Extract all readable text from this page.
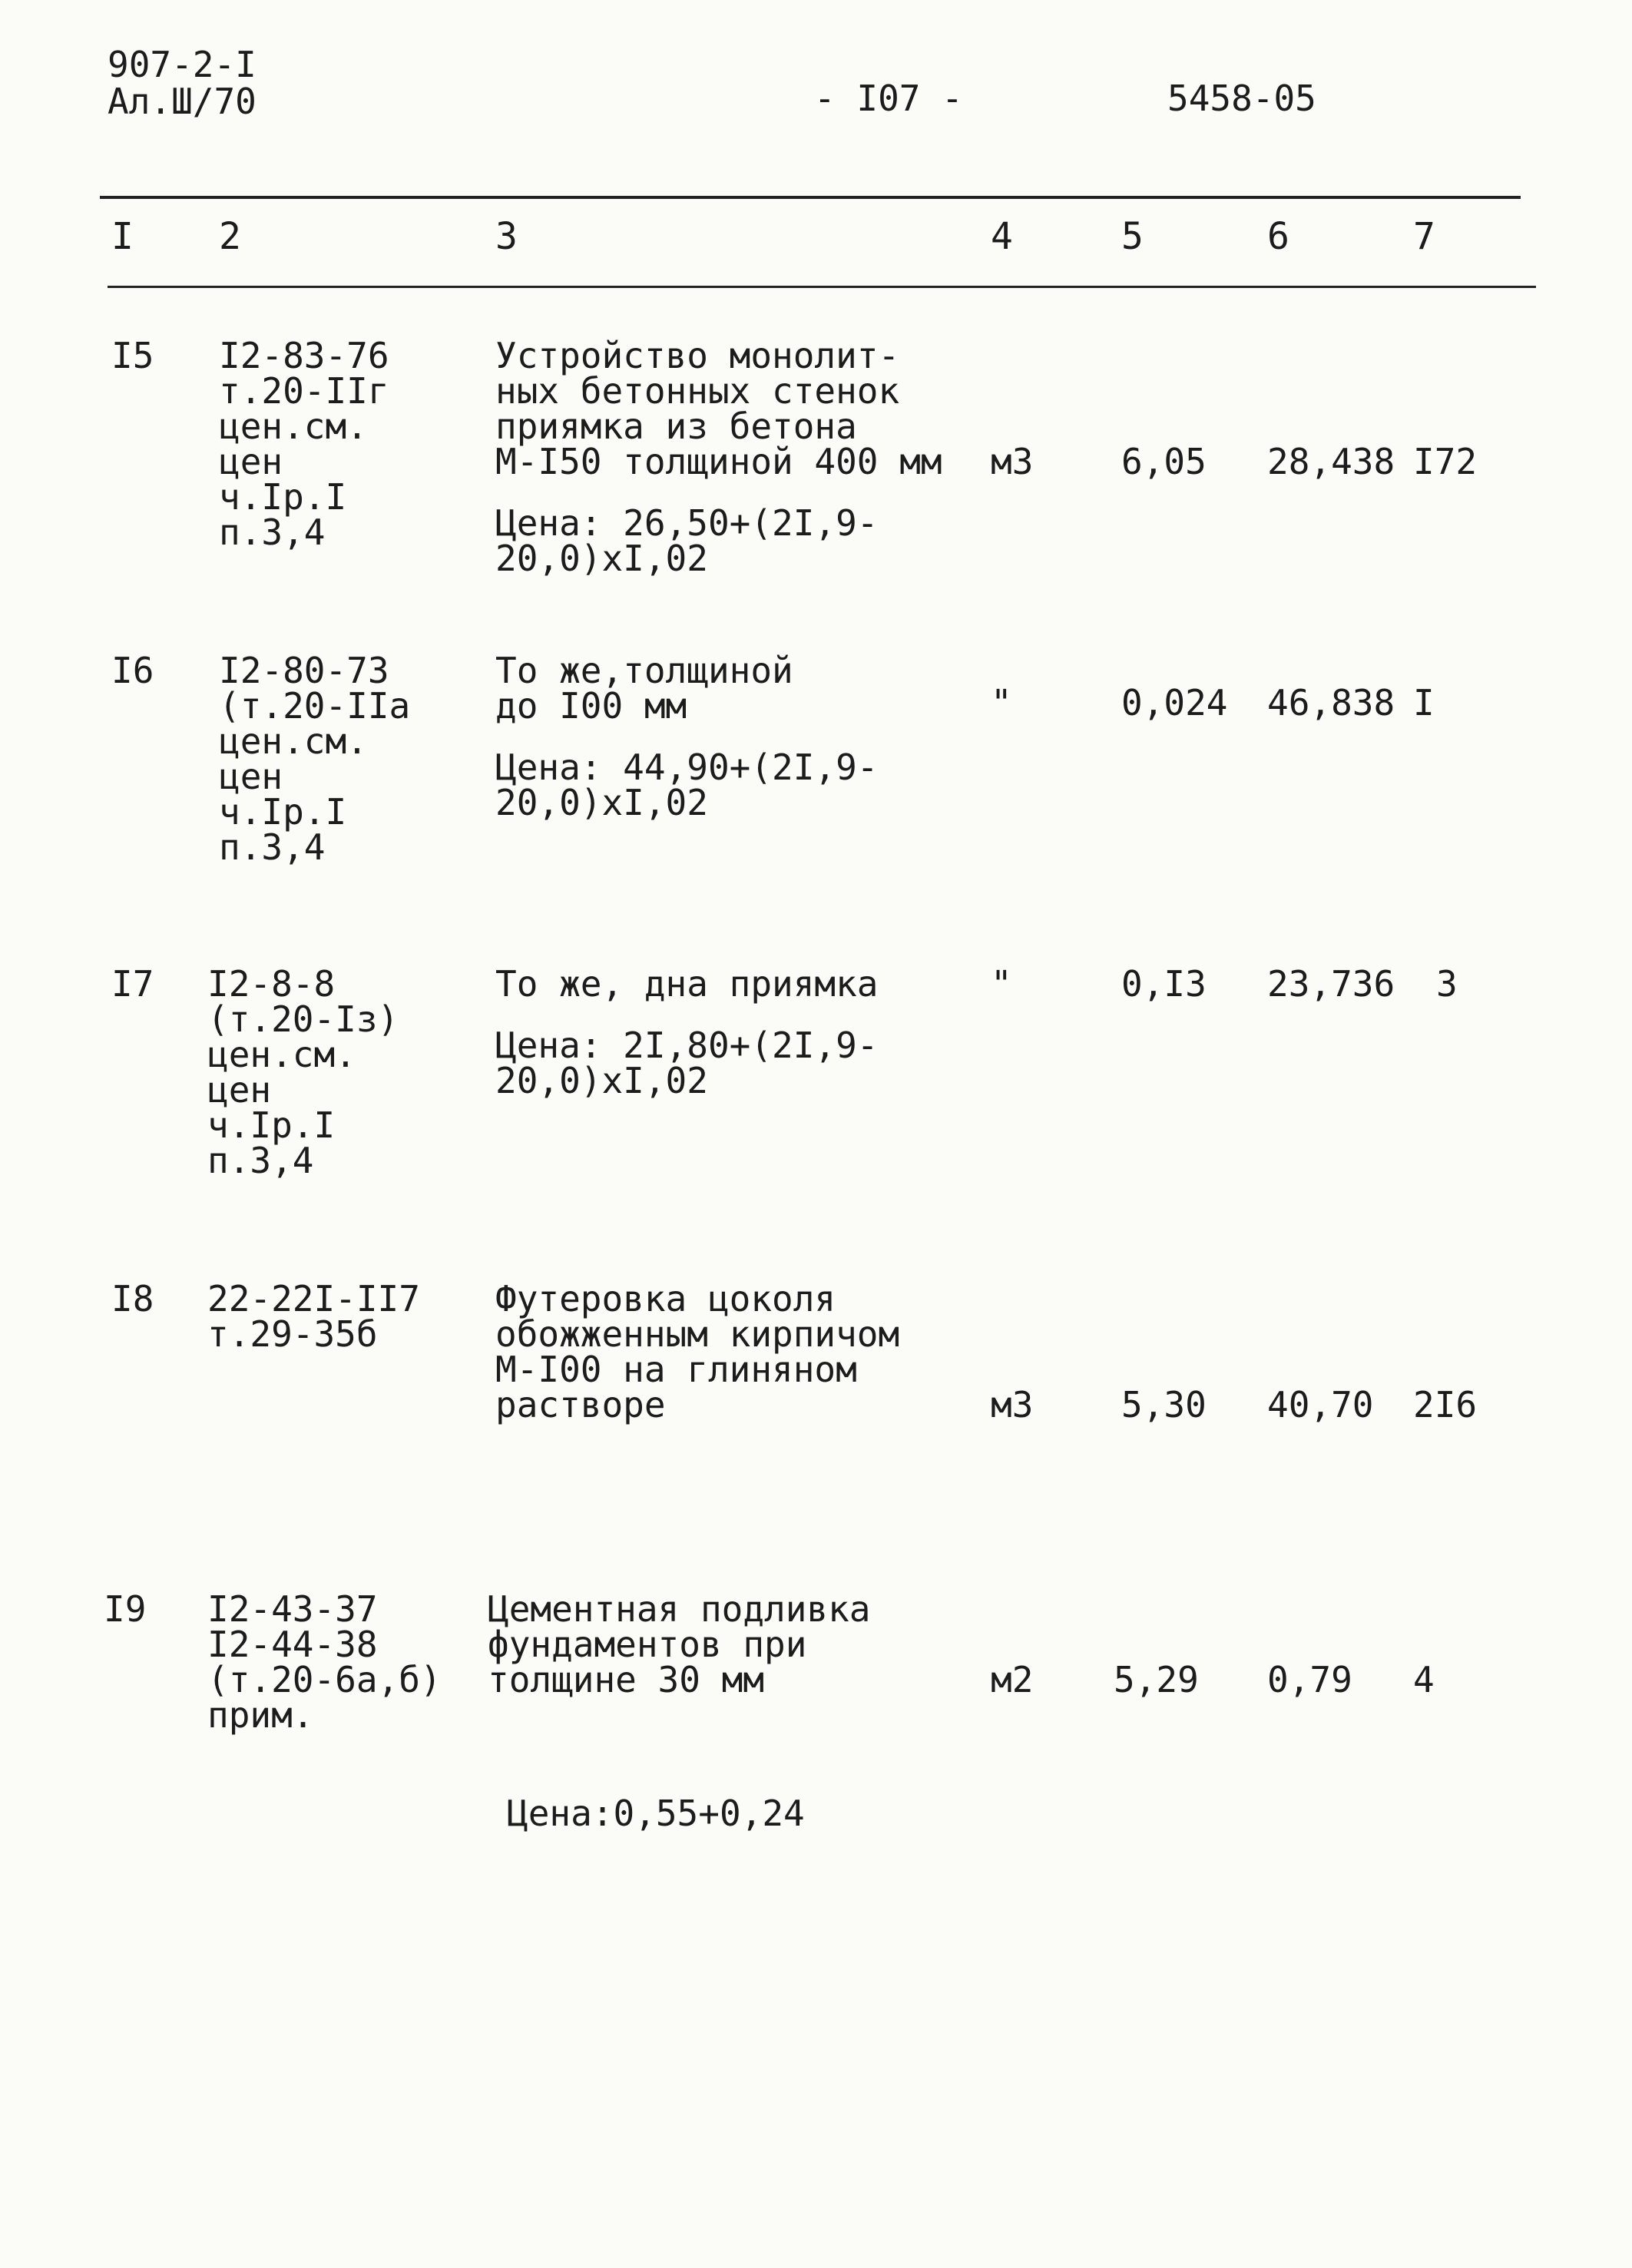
907-2-I
Ал.Ш/70	- I07 -	5458-05
I 2	3	4	5	6	7
I5 I2-83-76
т.20-IIг
цен.см.
цен
ч.Iр.I
п.3,4
Устройство монолит-
ных бетонных стенок
приямка из бетона
М-I50 толщиной 400 мм
Цена: 26,50+(2I,9-
20,0)xI,02
м3 6,05 28,438 I72
I6 I2-80-73
(т.20-IIа
цен.см.
цен
ч.Iр.I
п.3,4
То же,толщиной
до I00 мм
Цена: 44,90+(2I,9-
20,0)xI,02
"	0,024 46,838 I
I7 I2-8-8
(т.20-Iз)
цен.см.
цен
ч.Iр.I
п.3,4
То же, дна приямка
Цена: 2I,80+(2I,9-
20,0)xI,02
"	0,I3 23,736 3
I8 22-22I-II7
т.29-35б
Футеровка цоколя
обожженным кирпичом
М-I00 на глиняном
растворе	м3 5,30 40,70 2I6
I9 I2-43-37
I2-44-38
(т.20-6а,б)
прим.
Цементная подливка
фундаментов при
толщине 30 мм	м2 5,29 0,79 4
Цена:0,55+0,24
